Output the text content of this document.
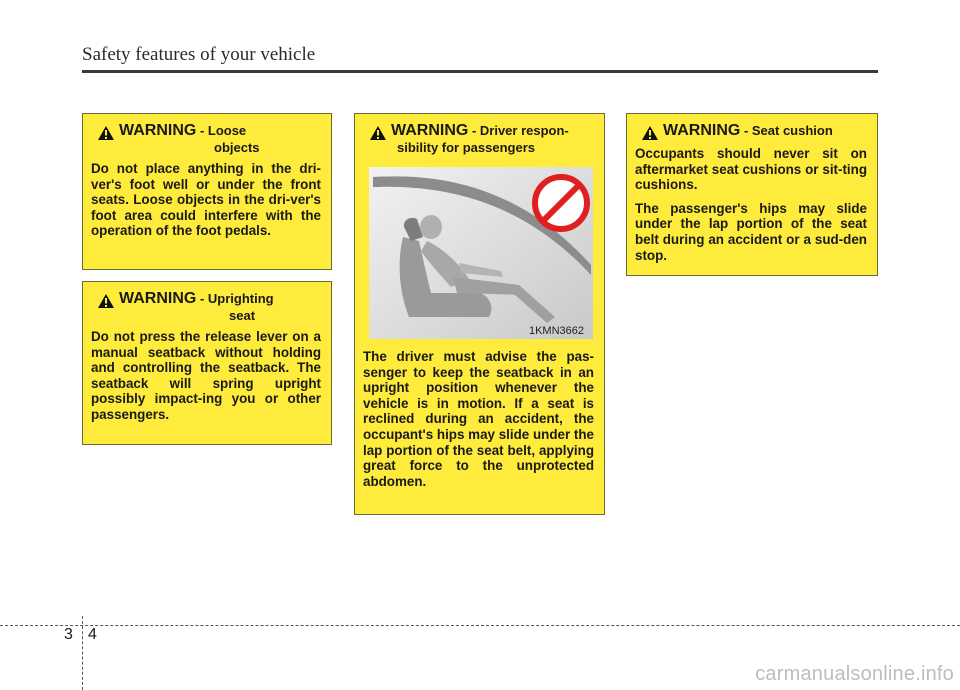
Safety features of your vehicle
WARNING - Loose
objects
Do not place anything in the dri-ver's foot well or under the front seats. Loose objects in the dri-ver's foot area could interfere with the operation of the foot pedals.
WARNING - Uprighting
seat
Do not press the release lever on a manual seatback without holding and controlling the seatback. The seatback will spring upright possibly impact-ing you or other passengers.
WARNING - Driver respon-
sibility for passengers
1KMN3662
The driver must advise the pas-senger to keep the seatback in an upright position whenever the vehicle is in motion. If a seat is reclined during an accident, the occupant's hips may slide under the lap portion of the seat belt, applying great force to the unprotected abdomen.
WARNING - Seat cushion
Occupants should never sit on aftermarket seat cushions or sit-ting cushions.
The passenger's hips may slide under the lap portion of the seat belt during an accident or a sud-den stop.
3 4
carmanualsonline.info
